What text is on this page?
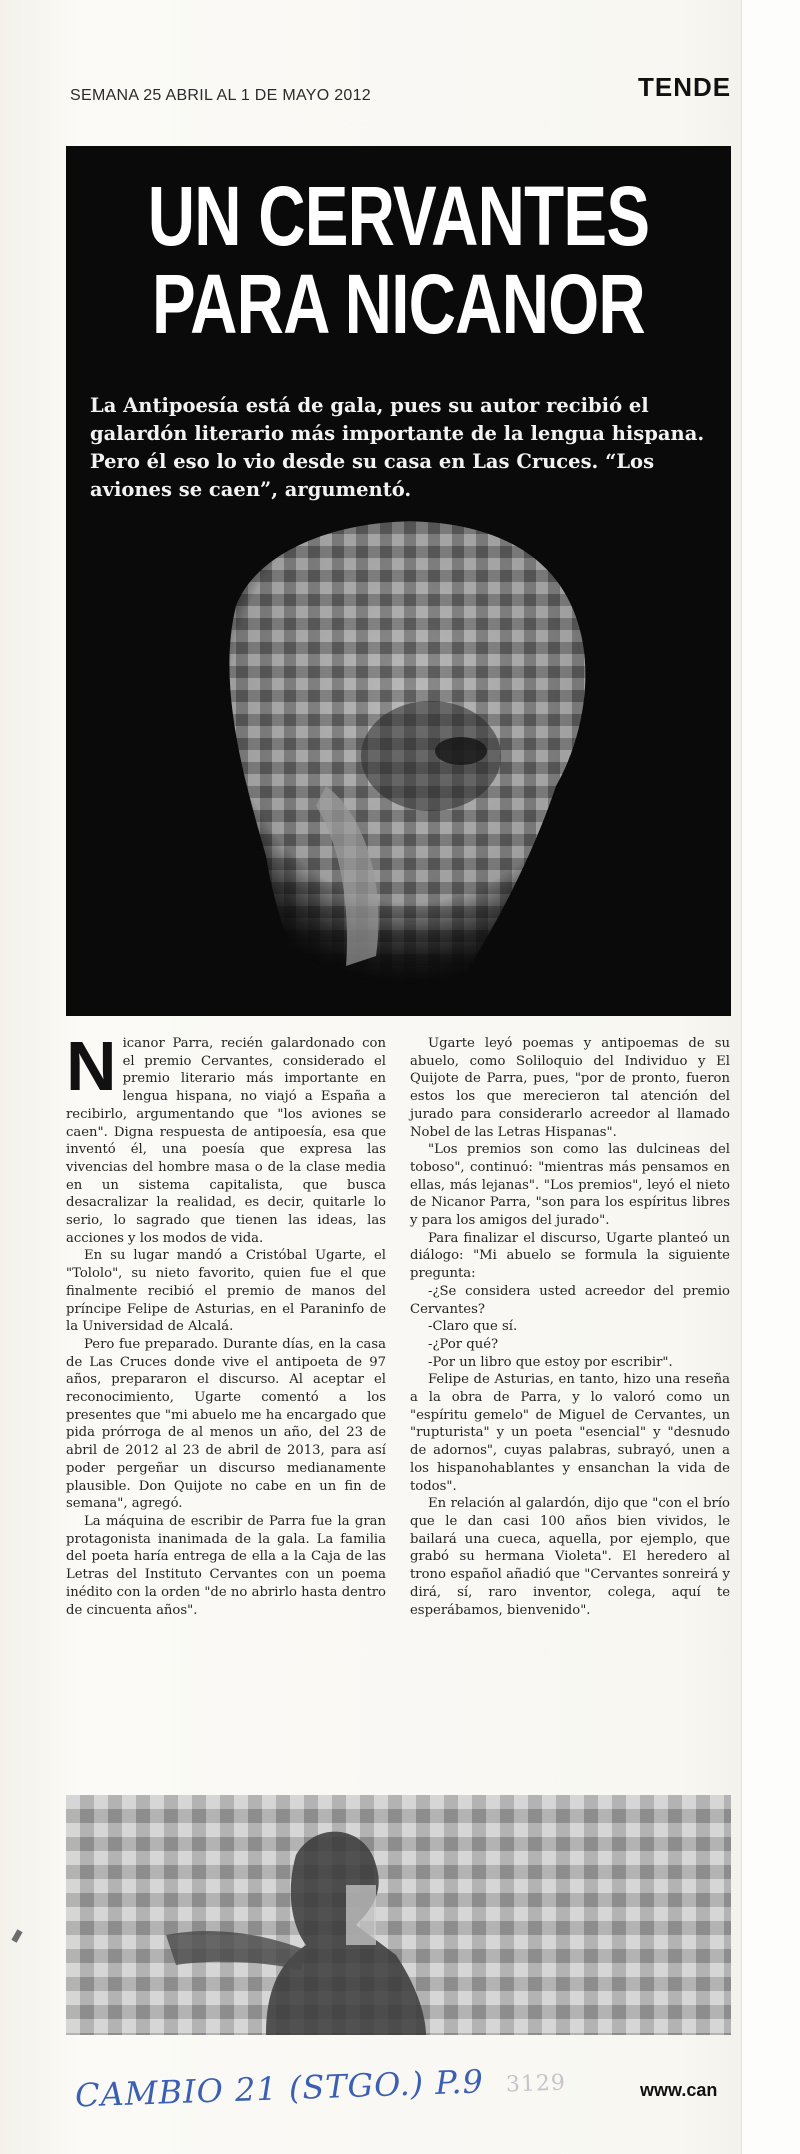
SEMANA 25 ABRIL AL 1 DE MAYO 2012	TENDE
UN CERVANTES
PARA NICANOR
La Antipoesía está de gala, pues su autor recibió el galardón literario más importante de la lengua hispana. Pero él eso lo vio desde su casa en Las Cruces. “Los aviones se caen”, argumentó.

Nicanor Parra, recién galardonado con el premio Cervantes, considerado el premio literario más importante en lengua hispana, no viajó a España a recibirlo, argumentando que "los aviones se caen". Digna respuesta de antipoesía, esa que inventó él, una poesía que expresa las vivencias del hombre masa o de la clase media en un sistema capitalista, que busca desacralizar la realidad, es decir, quitarle lo serio, lo sagrado que tienen las ideas, las acciones y los modos de vida.

En su lugar mandó a Cristóbal Ugarte, el "Tololo", su nieto favorito, quien fue el que finalmente recibió el premio de manos del príncipe Felipe de Asturias, en el Paraninfo de la Universidad de Alcalá.

Pero fue preparado. Durante días, en la casa de Las Cruces donde vive el antipoeta de 97 años, prepararon el discurso. Al aceptar el reconocimiento, Ugarte comentó a los presentes que "mi abuelo me ha encargado que pida prórroga de al menos un año, del 23 de abril de 2012 al 23 de abril de 2013, para así poder pergeñar un discurso medianamente plausible. Don Quijote no cabe en un fin de semana", agregó.

La máquina de escribir de Parra fue la gran protagonista inanimada de la gala. La familia del poeta haría entrega de ella a la Caja de las Letras del Instituto Cervantes con un poema inédito con la orden "de no abrirlo hasta dentro de cincuenta años".

Ugarte leyó poemas y antipoemas de su abuelo, como Soliloquio del Individuo y El Quijote de Parra, pues, "por de pronto, fueron estos los que merecieron tal atención del jurado para considerarlo acreedor al llamado Nobel de las Letras Hispanas".

"Los premios son como las dulcineas del toboso", continuó: "mientras más pensamos en ellas, más lejanas". "Los premios", leyó el nieto de Nicanor Parra, "son para los espíritus libres y para los amigos del jurado".

Para finalizar el discurso, Ugarte planteó un diálogo: "Mi abuelo se formula la siguiente pregunta:

-¿Se considera usted acreedor del premio Cervantes?

-Claro que sí.

-¿Por qué?

-Por un libro que estoy por escribir".

Felipe de Asturias, en tanto, hizo una reseña a la obra de Parra, y lo valoró como un "espíritu gemelo" de Miguel de Cervantes, un "rupturista" y un poeta "esencial" y "desnudo de adornos", cuyas palabras, subrayó, unen a los hispanohablantes y ensanchan la vida de todos".

En relación al galardón, dijo que "con el brío que le dan casi 100 años bien vividos, le bailará una cueca, aquella, por ejemplo, que grabó su hermana Violeta". El heredero al trono español añadió que "Cervantes sonreirá y dirá, sí, raro inventor, colega, aquí te esperábamos, bienvenido".

CAMBIO 21 (STGO.) P.9 3129	www.can
